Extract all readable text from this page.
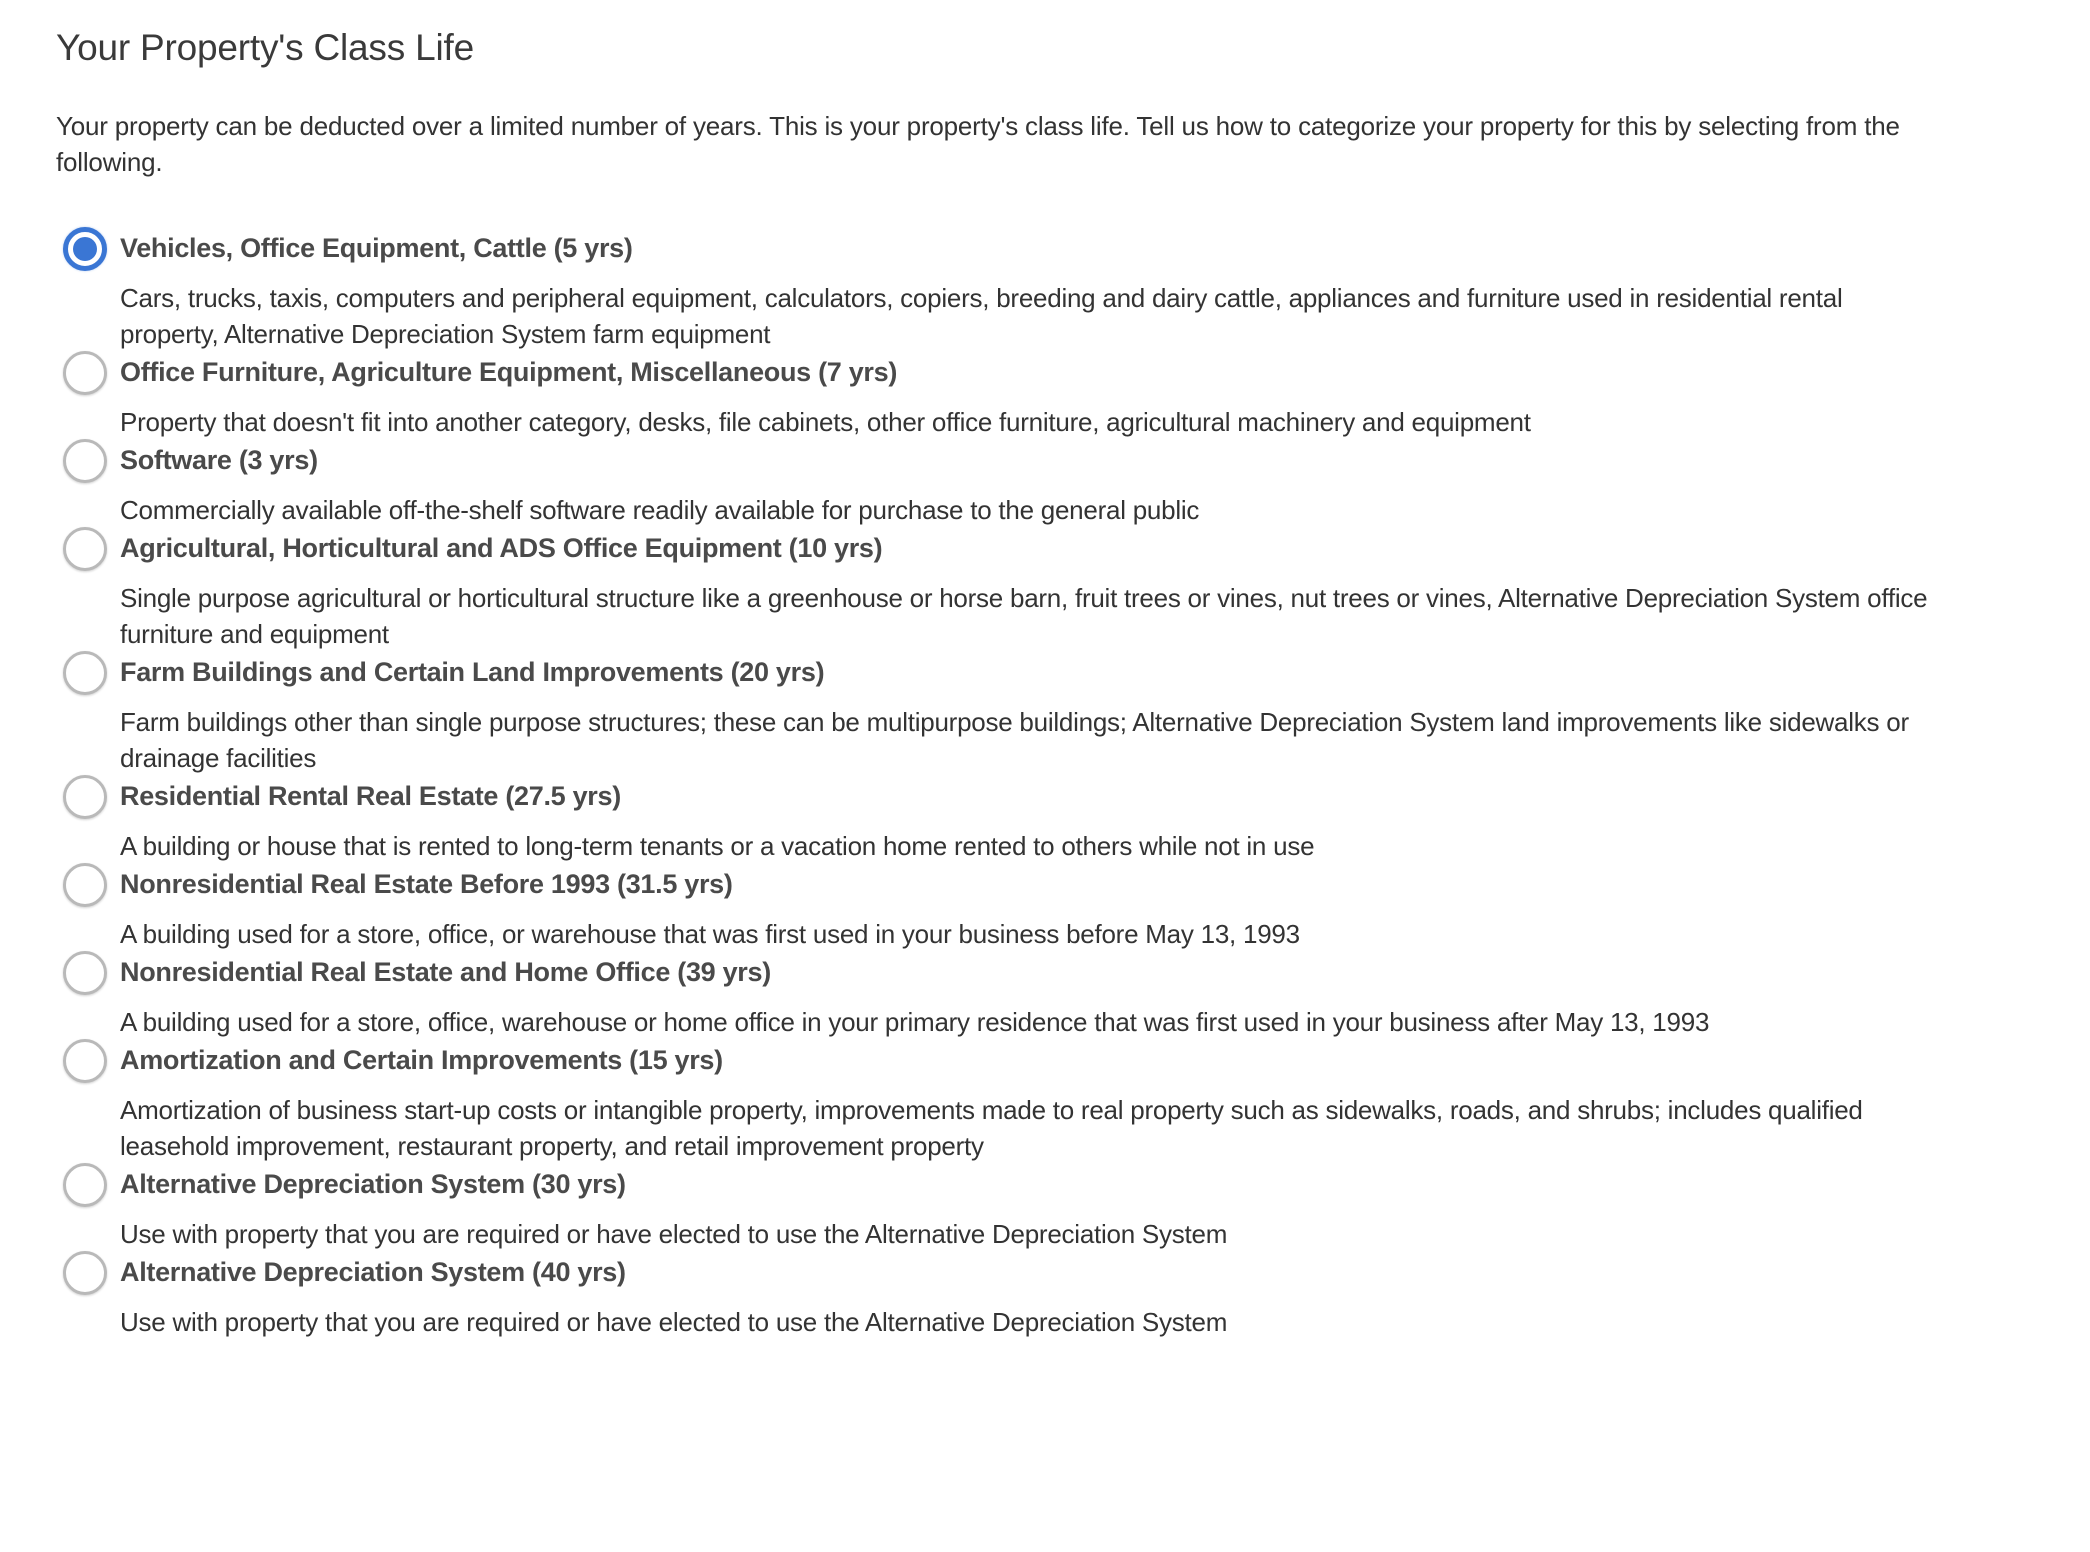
Your Property's Class Life

Your property can be deducted over a limited number of years. This is your property's class life. Tell us how to categorize your property for this by selecting from the following.

Vehicles, Office Equipment, Cattle (5 yrs)
Cars, trucks, taxis, computers and peripheral equipment, calculators, copiers, breeding and dairy cattle, appliances and furniture used in residential rental property, Alternative Depreciation System farm equipment
Office Furniture, Agriculture Equipment, Miscellaneous (7 yrs)
Property that doesn't fit into another category, desks, file cabinets, other office furniture, agricultural machinery and equipment
Software (3 yrs)
Commercially available off-the-shelf software readily available for purchase to the general public
Agricultural, Horticultural and ADS Office Equipment (10 yrs)
Single purpose agricultural or horticultural structure like a greenhouse or horse barn, fruit trees or vines, nut trees or vines, Alternative Depreciation System office furniture and equipment
Farm Buildings and Certain Land Improvements (20 yrs)
Farm buildings other than single purpose structures; these can be multipurpose buildings; Alternative Depreciation System land improvements like sidewalks or drainage facilities
Residential Rental Real Estate (27.5 yrs)
A building or house that is rented to long-term tenants or a vacation home rented to others while not in use
Nonresidential Real Estate Before 1993 (31.5 yrs)
A building used for a store, office, or warehouse that was first used in your business before May 13, 1993
Nonresidential Real Estate and Home Office (39 yrs)
A building used for a store, office, warehouse or home office in your primary residence that was first used in your business after May 13, 1993
Amortization and Certain Improvements (15 yrs)
Amortization of business start-up costs or intangible property, improvements made to real property such as sidewalks, roads, and shrubs; includes qualified leasehold improvement, restaurant property, and retail improvement property
Alternative Depreciation System (30 yrs)
Use with property that you are required or have elected to use the Alternative Depreciation System
Alternative Depreciation System (40 yrs)
Use with property that you are required or have elected to use the Alternative Depreciation System
